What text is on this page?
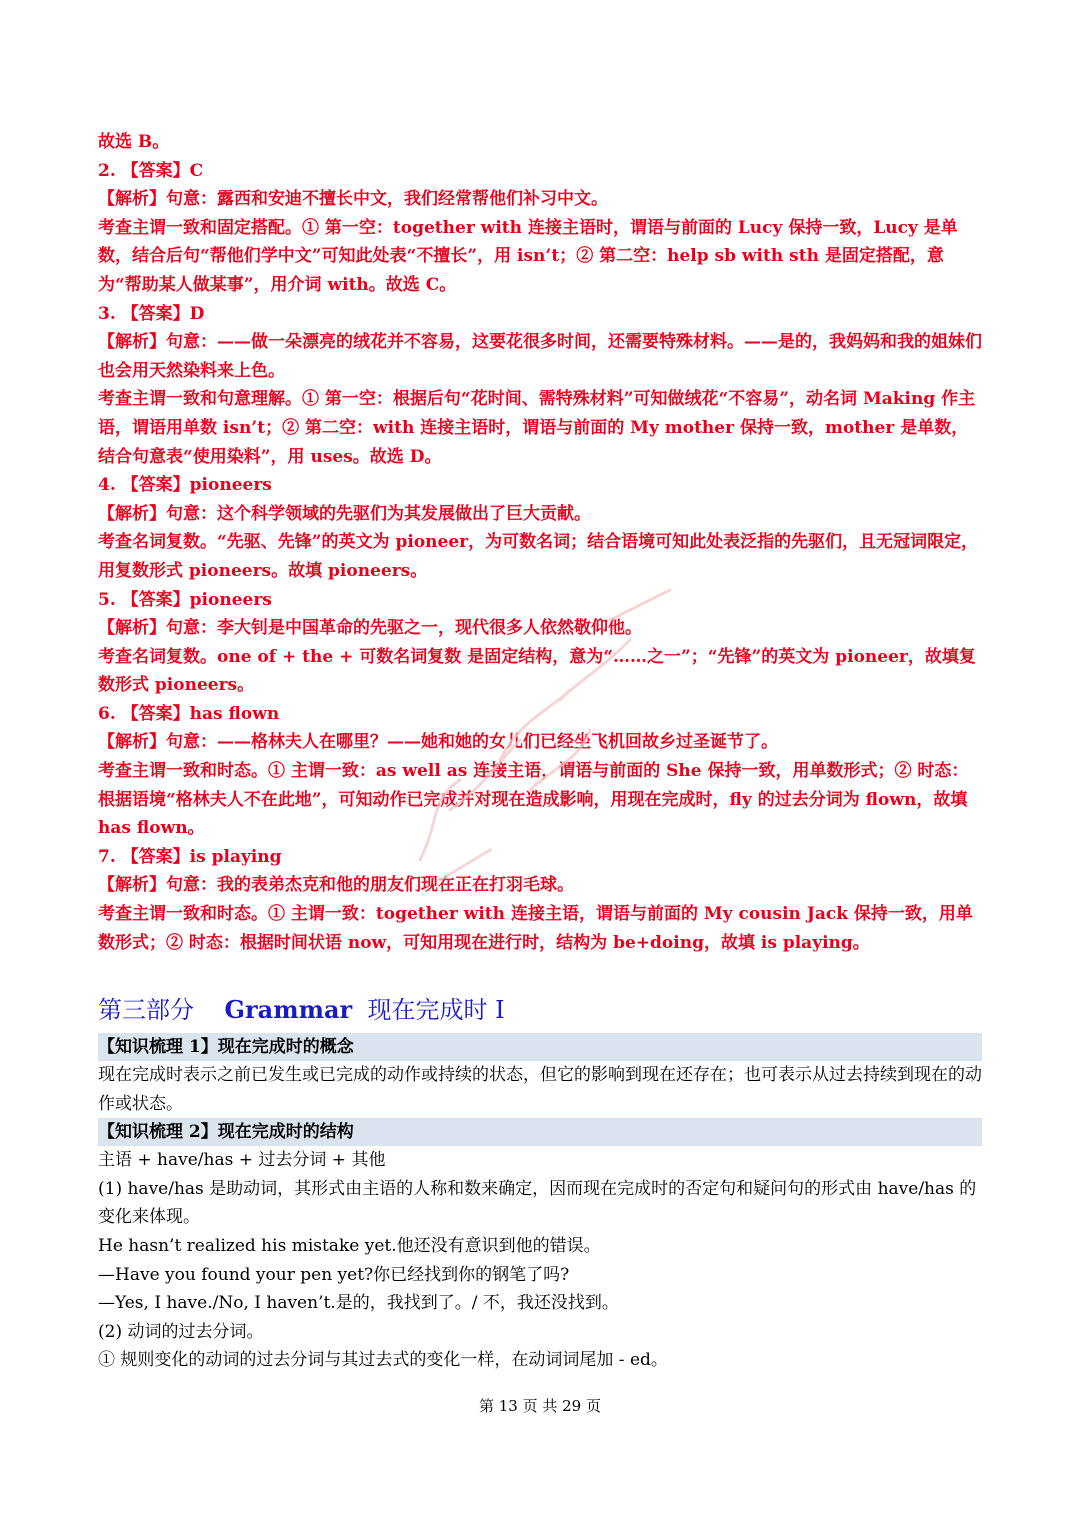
故选 B。

2. 【答案】C

【解析】句意：露西和安迪不擅长中文，我们经常帮他们补习中文。

考查主谓一致和固定搭配。① 第一空：together with 连接主语时，谓语与前面的 Lucy 保持一致，Lucy 是单数，结合后句“帮他们学中文”可知此处表“不擅长”，用 isn’t；② 第二空：help sb with sth 是固定搭配，意为“帮助某人做某事”，用介词 with。故选 C。

3. 【答案】D

【解析】句意：——做一朵漂亮的绒花并不容易，这要花很多时间，还需要特殊材料。——是的，我妈妈和我的姐妹们也会用天然染料来上色。

考查主谓一致和句意理解。① 第一空：根据后句“花时间、需特殊材料”可知做绒花“不容易”，动名词 Making 作主语，谓语用单数 isn’t；② 第二空：with 连接主语时，谓语与前面的 My mother 保持一致，mother 是单数，结合句意表“使用染料”，用 uses。故选 D。

4. 【答案】pioneers

【解析】句意：这个科学领域的先驱们为其发展做出了巨大贡献。

考查名词复数。“先驱、先锋”的英文为 pioneer，为可数名词；结合语境可知此处表泛指的先驱们，且无冠词限定，用复数形式 pioneers。故填 pioneers。

5. 【答案】pioneers

【解析】句意：李大钊是中国革命的先驱之一，现代很多人依然敬仰他。

考查名词复数。one of + the + 可数名词复数 是固定结构，意为“……之一”；“先锋”的英文为 pioneer，故填复数形式 pioneers。

6. 【答案】has flown

【解析】句意：——格林夫人在哪里？——她和她的女儿们已经坐飞机回故乡过圣诞节了。

考查主谓一致和时态。① 主谓一致：as well as 连接主语，谓语与前面的 She 保持一致，用单数形式；② 时态：根据语境“格林夫人不在此地”，可知动作已完成并对现在造成影响，用现在完成时，fly 的过去分词为 flown，故填 has flown。

7. 【答案】is playing

【解析】句意：我的表弟杰克和他的朋友们现在正在打羽毛球。

考查主谓一致和时态。① 主谓一致：together with 连接主语，谓语与前面的 My cousin Jack 保持一致，用单数形式；② 时态：根据时间状语 now，可知用现在进行时，结构为 be+doing，故填 is playing。

第三部分 Grammar 现在完成时 I

【知识梳理 1】现在完成时的概念

现在完成时表示之前已发生或已完成的动作或持续的状态，但它的影响到现在还存在；也可表示从过去持续到现在的动作或状态。

【知识梳理 2】现在完成时的结构

主语 + have/has + 过去分词 + 其他

(1) have/has 是助动词，其形式由主语的人称和数来确定，因而现在完成时的否定句和疑问句的形式由 have/has 的变化来体现。

He hasn’t realized his mistake yet.他还没有意识到他的错误。

—Have you found your pen yet?你已经找到你的钢笔了吗?

—Yes, I have./No, I haven’t.是的，我找到了。/ 不，我还没找到。

(2) 动词的过去分词。

① 规则变化的动词的过去分词与其过去式的变化一样，在动词词尾加 - ed。

第 13 页 共 29 页
